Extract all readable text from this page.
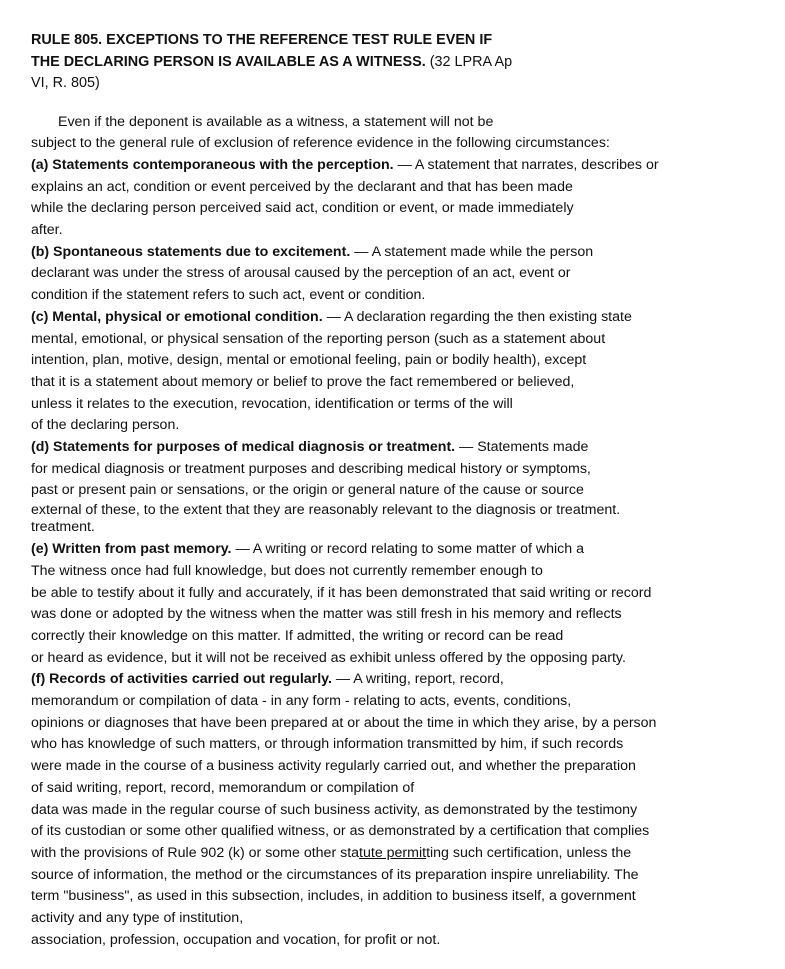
RULE 805. EXCEPTIONS TO THE REFERENCE TEST RULE EVEN IF
THE DECLARING PERSON IS AVAILABLE AS A WITNESS. (32 LPRA Ap
VI, R. 805)
Even if the deponent is available as a witness, a statement will not be
subject to the general rule of exclusion of reference evidence in the following circumstances:
(a) Statements contemporaneous with the perception. — A statement that narrates, describes or
explains an act, condition or event perceived by the declarant and that has been made
while the declaring person perceived said act, condition or event, or made immediately
after.
(b) Spontaneous statements due to excitement. — A statement made while the person
declarant was under the stress of arousal caused by the perception of an act, event or
condition if the statement refers to such act, event or condition.
(c) Mental, physical or emotional condition. — A declaration regarding the then existing state
mental, emotional, or physical sensation of the reporting person (such as a statement about
intention, plan, motive, design, mental or emotional feeling, pain or bodily health), except
that it is a statement about memory or belief to prove the fact remembered or believed,
unless it relates to the execution, revocation, identification or terms of the will
of the declaring person.
(d) Statements for purposes of medical diagnosis or treatment. — Statements made
for medical diagnosis or treatment purposes and describing medical history or symptoms,
past or present pain or sensations, or the origin or general nature of the cause or source
external of these, to the extent that they are reasonably relevant to the diagnosis or treatment.
treatment.
(e) Written from past memory. — A writing or record relating to some matter of which a
The witness once had full knowledge, but does not currently remember enough to
be able to testify about it fully and accurately, if it has been demonstrated that said writing or record
was done or adopted by the witness when the matter was still fresh in his memory and reflects
correctly their knowledge on this matter. If admitted, the writing or record can be read
or heard as evidence, but it will not be received as exhibit unless offered by the opposing party.
(f) Records of activities carried out regularly. — A writing, report, record,
memorandum or compilation of data - in any form - relating to acts, events, conditions,
opinions or diagnoses that have been prepared at or about the time in which they arise, by a person
who has knowledge of such matters, or through information transmitted by him, if such records
were made in the course of a business activity regularly carried out, and whether the preparation
of said writing, report, record, memorandum or compilation of
data was made in the regular course of such business activity, as demonstrated by the testimony
of its custodian or some other qualified witness, or as demonstrated by a certification that complies
with the provisions of Rule 902 (k) or some other statute permitting such certification, unless the
source of information, the method or the circumstances of its preparation inspire unreliability. The
term "business", as used in this subsection, includes, in addition to business itself, a government
activity and any type of institution,
association, profession, occupation and vocation, for profit or not.
